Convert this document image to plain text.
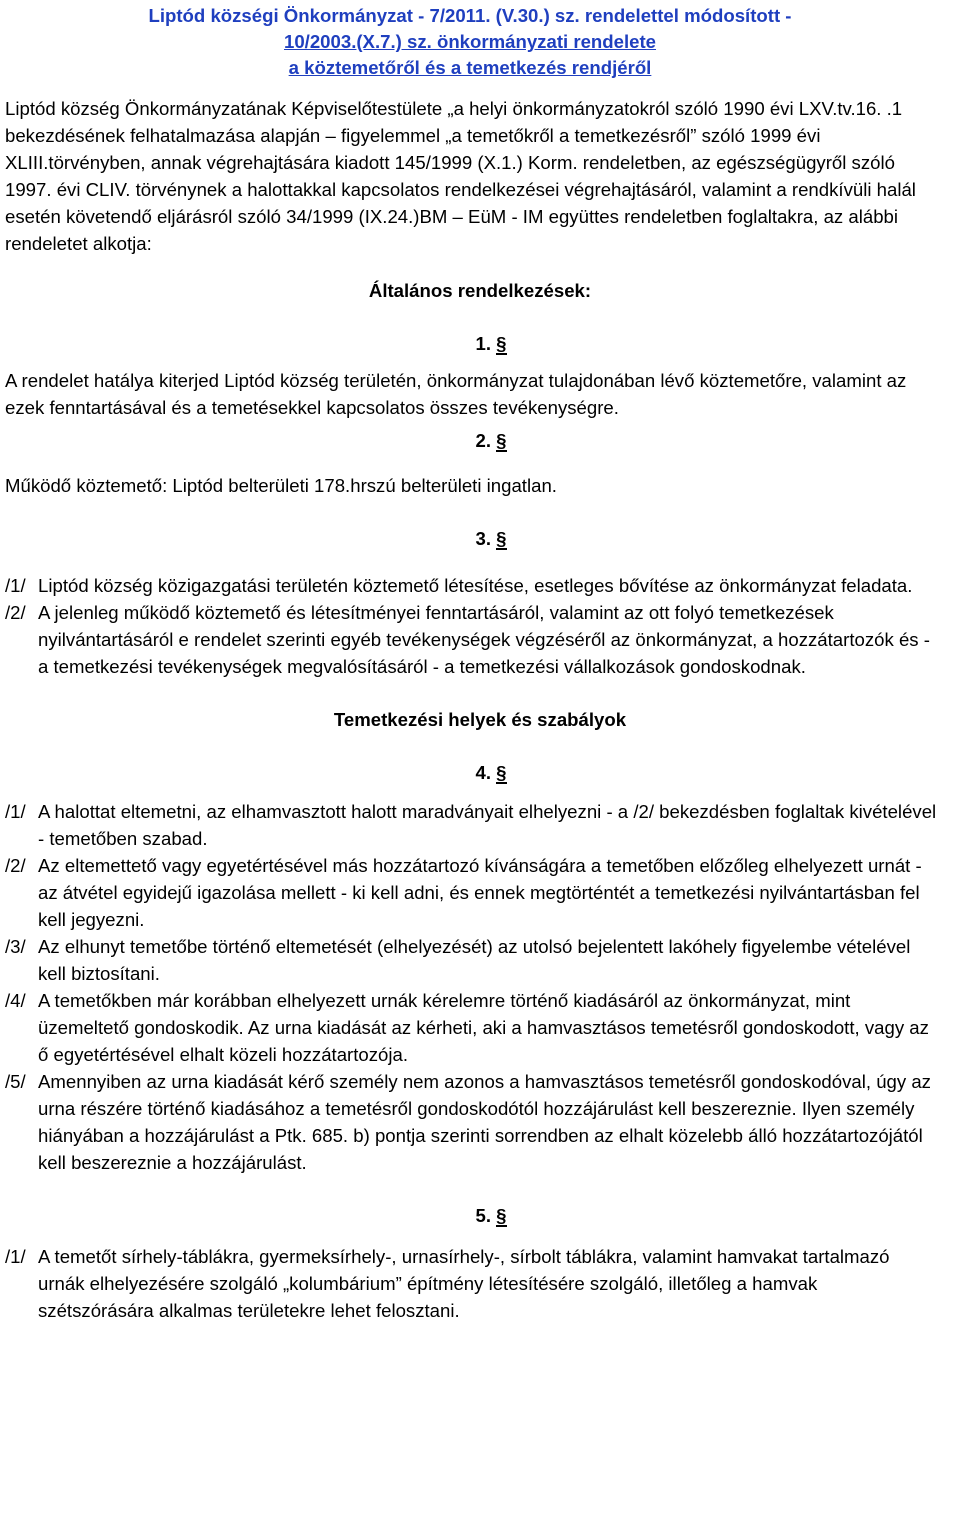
Liptód községi Önkormányzat - 7/2011. (V.30.) sz. rendelettel módosított -
10/2003.(X.7.) sz. önkormányzati rendelete
a köztemetőről és a temetkezés rendjéről
Liptód község Önkormányzatának Képviselőtestülete „a helyi önkormányzatokról szóló 1990 évi LXV.tv.16. .1 bekezdésének felhatalmazása alapján – figyelemmel „a temetőkről a temetkezésről” szóló 1999 évi XLIII.törvényben, annak végrehajtására kiadott 145/1999 (X.1.) Korm. rendeletben, az egészségügyről szóló 1997. évi CLIV. törvénynek a halottakkal kapcsolatos rendelkezései végrehajtásáról, valamint a rendkívüli halál esetén követendő eljárásról szóló 34/1999 (IX.24.)BM – EüM - IM együttes rendeletben foglaltakra, az alábbi rendeletet alkotja:
Általános rendelkezések:
1. §
A rendelet hatálya kiterjed Liptód község területén, önkormányzat tulajdonában lévő köztemetőre, valamint az ezek fenntartásával és a temetésekkel kapcsolatos összes tevékenységre.
2. §
Működő köztemető: Liptód belterületi 178.hrszú belterületi ingatlan.
3. §
/1/ Liptód község közigazgatási területén köztemető létesítése, esetleges bővítése az önkormányzat feladata.
/2/ A jelenleg működő köztemető és létesítményei fenntartásáról, valamint az ott folyó temetkezések nyilvántartásáról e rendelet szerinti egyéb tevékenységek végzéséről az önkormányzat, a hozzátartozók és - a temetkezési tevékenységek megvalósításáról - a temetkezési vállalkozások gondoskodnak.
Temetkezési helyek és szabályok
4. §
/1/ A halottat eltemetni, az elhamvasztott halott maradványait elhelyezni - a /2/ bekezdésben foglaltak kivételével - temetőben szabad.
/2/ Az eltemettető vagy egyetértésével más hozzátartozó kívánságára a temetőben előzőleg elhelyezett urnát - az átvétel egyidejű igazolása mellett - ki kell adni, és ennek megtörténtét a temetkezési nyilvántartásban fel kell jegyezni.
/3/ Az elhunyt temetőbe történő eltemetését (elhelyezését) az utolsó bejelentett lakóhely figyelembe vételével kell biztosítani.
/4/ A temetőkben már korábban elhelyezett urnák kérelemre történő kiadásáról az önkormányzat, mint üzemeltető gondoskodik. Az urna kiadását az kérheti, aki a hamvasztásos temetésről gondoskodott, vagy az ő egyetértésével elhalt közeli hozzátartozója.
/5/ Amennyiben az urna kiadását kérő személy nem azonos a hamvasztásos temetésről gondoskodóval, úgy az urna részére történő kiadásához a temetésről gondoskodótól hozzájárulást kell beszereznie. Ilyen személy hiányában a hozzájárulást a Ptk. 685. b) pontja szerinti sorrendben az elhalt közelebb álló hozzátartozójától kell beszereznie a hozzájárulást.
5. §
/1/ A temetőt sírhely-táblákra, gyermeksírhely-, urnasírhely-, sírbolt táblákra, valamint hamvakat tartalmazó urnák elhelyezésére szolgáló „kolumbárium” építmény létesítésére szolgáló, illetőleg a hamvak szétszórására alkalmas területekre lehet felosztani.
